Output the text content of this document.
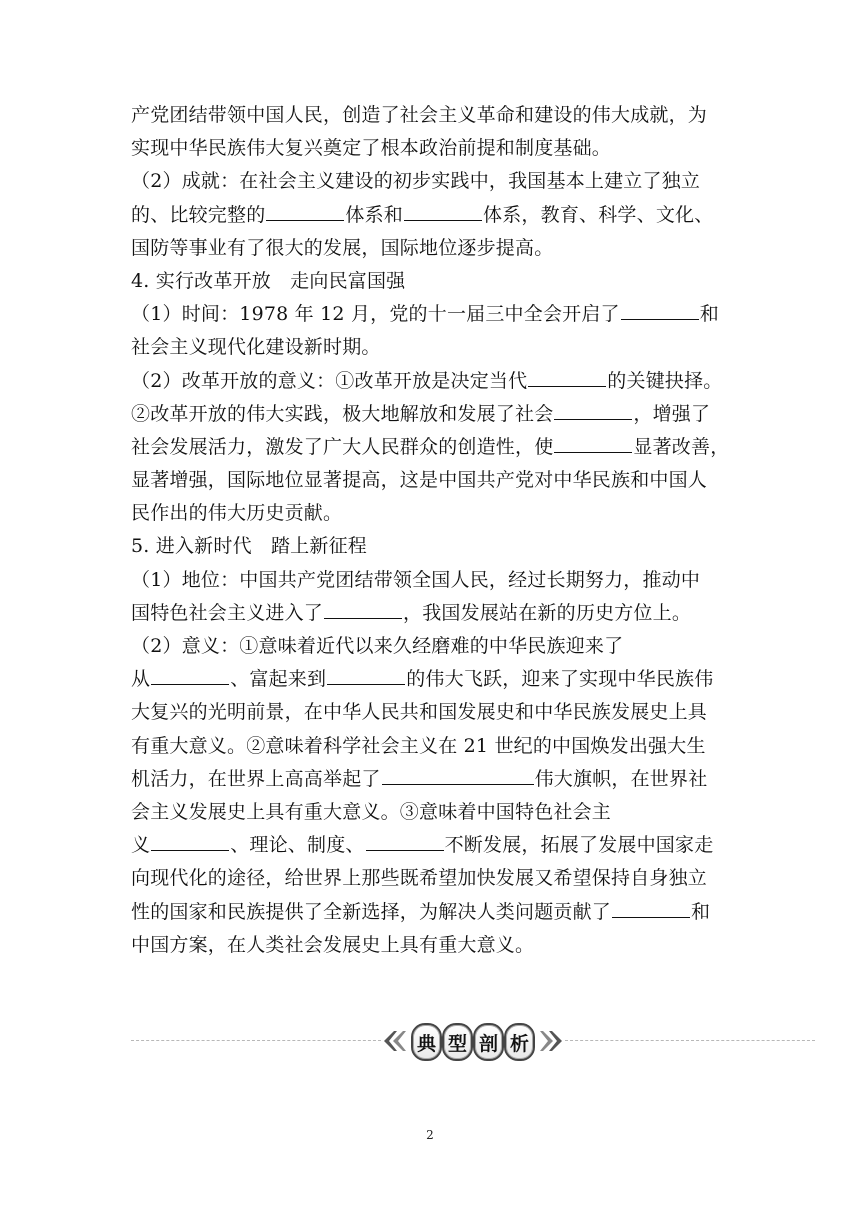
产党团结带领中国人民，创造了社会主义革命和建设的伟大成就，为
实现中华民族伟大复兴奠定了根本政治前提和制度基础。
（2）成就：在社会主义建设的初步实践中，我国基本上建立了独立
的、比较完整的	体系和	体系，教育、科学、文化、
国防等事业有了很大的发展，国际地位逐步提高。
4. 实行改革开放　走向民富国强
（1）时间：1978 年 12 月，党的十一届三中全会开启了	和
社会主义现代化建设新时期。
（2）改革开放的意义：①改革开放是决定当代	的关键抉择。
②改革开放的伟大实践，极大地解放和发展了社会	，增强了
社会发展活力，激发了广大人民群众的创造性，使	显著改善，
显著增强，国际地位显著提高，这是中国共产党对中华民族和中国人
民作出的伟大历史贡献。
5. 进入新时代　踏上新征程
（1）地位：中国共产党团结带领全国人民，经过长期努力，推动中
国特色社会主义进入了	，我国发展站在新的历史方位上。
（2）意义：①意味着近代以来久经磨难的中华民族迎来了
从	、富起来到	的伟大飞跃，迎来了实现中华民族伟
大复兴的光明前景，在中华人民共和国发展史和中华民族发展史上具
有重大意义。②意味着科学社会主义在 21 世纪的中国焕发出强大生
机活力，在世界上高高举起了	伟大旗帜，在世界社
会主义发展史上具有重大意义。③意味着中国特色社会主
义	、理论、制度、	不断发展，拓展了发展中国家走
向现代化的途径，给世界上那些既希望加快发展又希望保持自身独立
性的国家和民族提供了全新选择，为解决人类问题贡献了	和
中国方案，在人类社会发展史上具有重大意义。
典 型 剖 析
2
